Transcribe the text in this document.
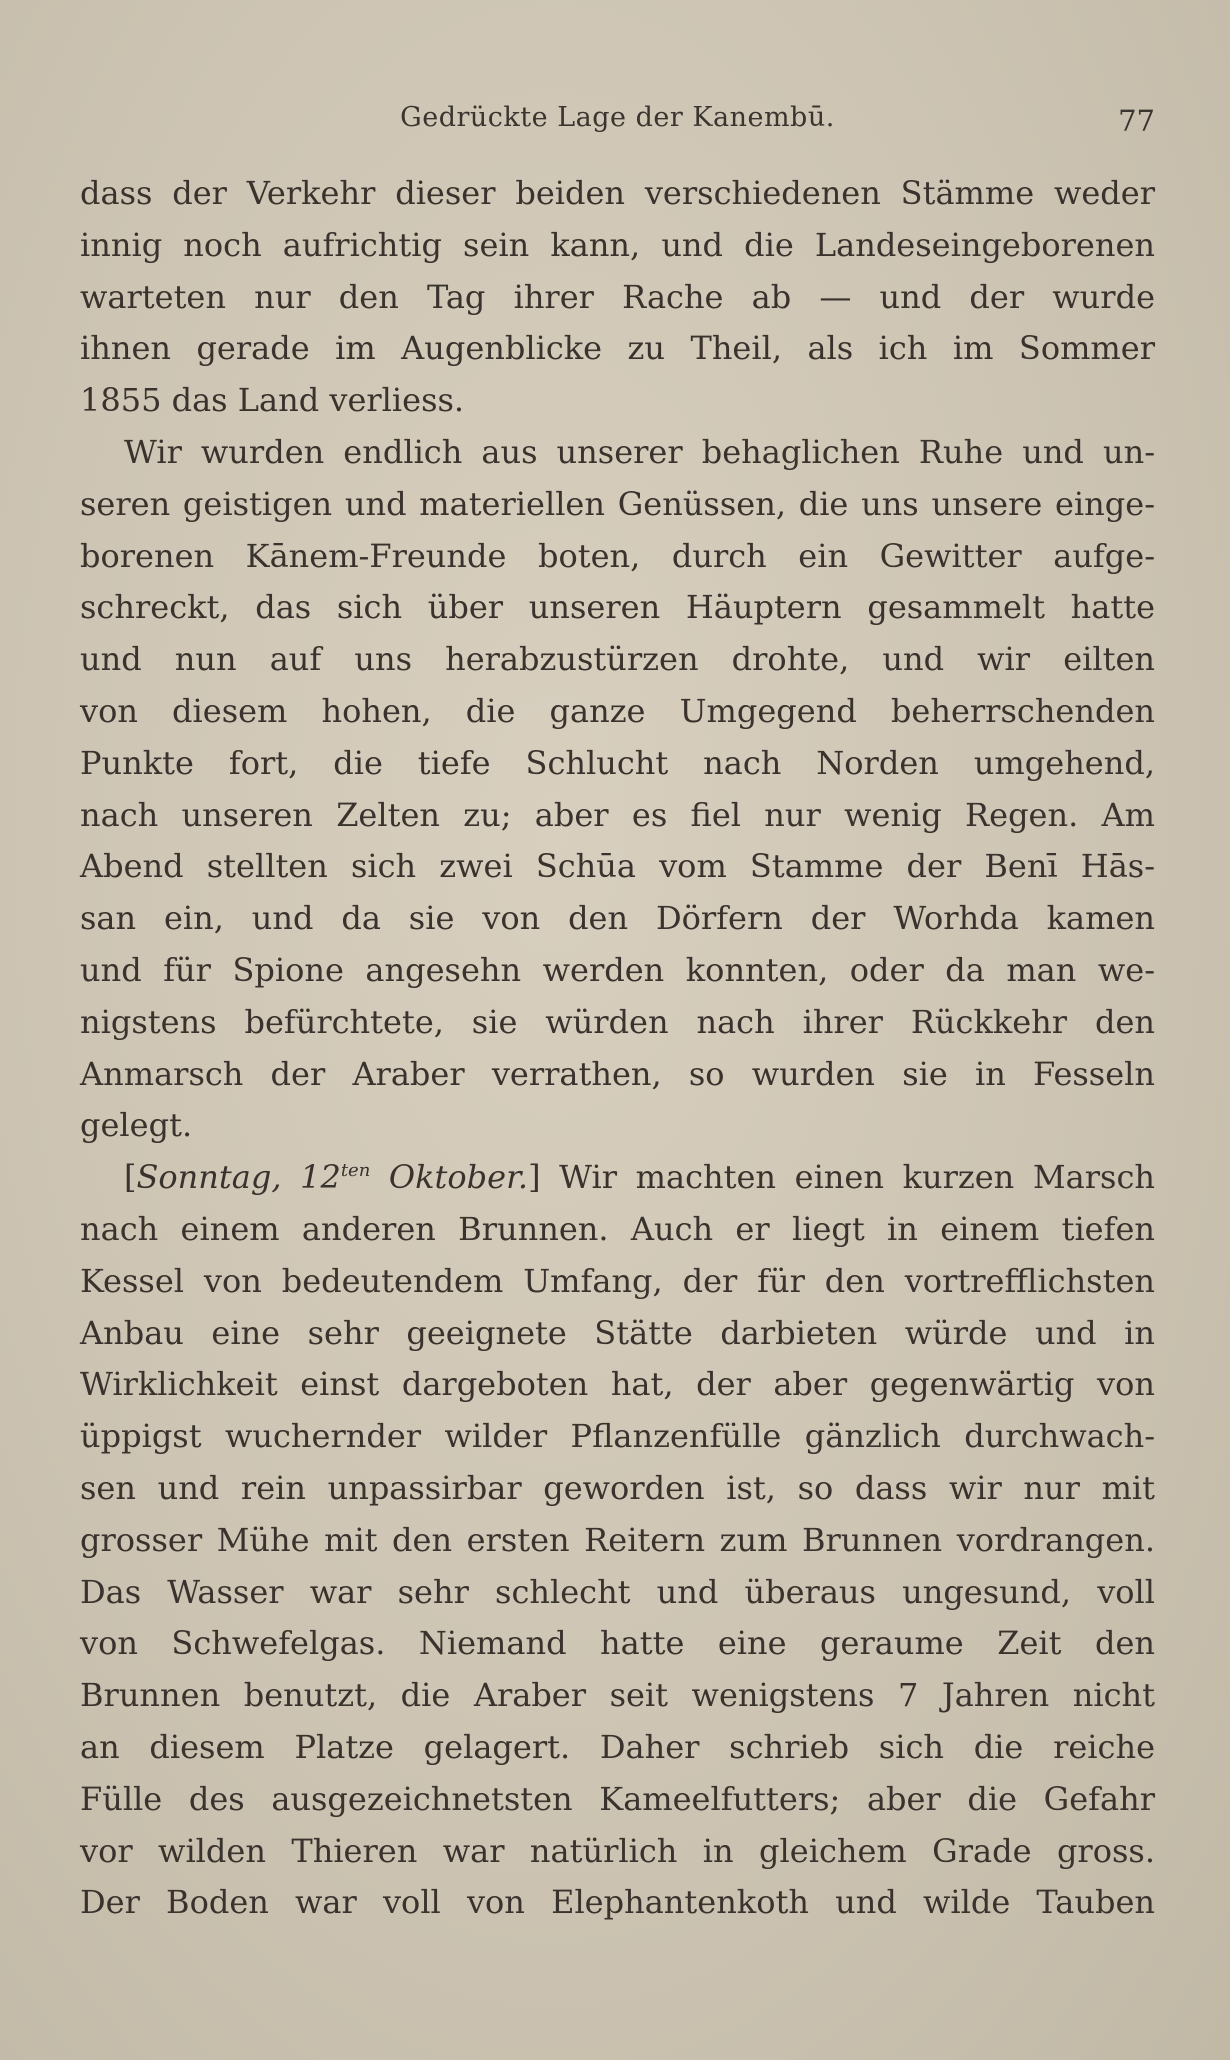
Gedrückte Lage der Kanembū.	77
dass der Verkehr dieser beiden verschiedenen Stämme weder
innig noch aufrichtig sein kann, und die Landeseingeborenen
warteten nur den Tag ihrer Rache ab — und der wurde
ihnen gerade im Augenblicke zu Theil, als ich im Sommer
1855 das Land verliess.
Wir wurden endlich aus unserer behaglichen Ruhe und un-
seren geistigen und materiellen Genüssen, die uns unsere einge-
borenen Kānem-Freunde boten, durch ein Gewitter aufge-
schreckt, das sich über unseren Häuptern gesammelt hatte
und nun auf uns herabzustürzen drohte, und wir eilten
von diesem hohen, die ganze Umgegend beherrschenden
Punkte fort, die tiefe Schlucht nach Norden umgehend,
nach unseren Zelten zu; aber es fiel nur wenig Regen. Am
Abend stellten sich zwei Schūa vom Stamme der Benī Hās-
san ein, und da sie von den Dörfern der Worhda kamen
und für Spione angesehn werden konnten, oder da man we-
nigstens befürchtete, sie würden nach ihrer Rückkehr den
Anmarsch der Araber verrathen, so wurden sie in Fesseln
gelegt.
[Sonntag, 12$^{ten}$ Oktober.] Wir machten einen kurzen Marsch
nach einem anderen Brunnen. Auch er liegt in einem tiefen
Kessel von bedeutendem Umfang, der für den vortrefflichsten
Anbau eine sehr geeignete Stätte darbieten würde und in
Wirklichkeit einst dargeboten hat, der aber gegenwärtig von
üppigst wuchernder wilder Pflanzenfülle gänzlich durchwach-
sen und rein unpassirbar geworden ist, so dass wir nur mit
grosser Mühe mit den ersten Reitern zum Brunnen vordrangen.
Das Wasser war sehr schlecht und überaus ungesund, voll
von Schwefelgas. Niemand hatte eine geraume Zeit den
Brunnen benutzt, die Araber seit wenigstens 7 Jahren nicht
an diesem Platze gelagert. Daher schrieb sich die reiche
Fülle des ausgezeichnetsten Kameelfutters; aber die Gefahr
vor wilden Thieren war natürlich in gleichem Grade gross.
Der Boden war voll von Elephantenkoth und wilde Tauben
